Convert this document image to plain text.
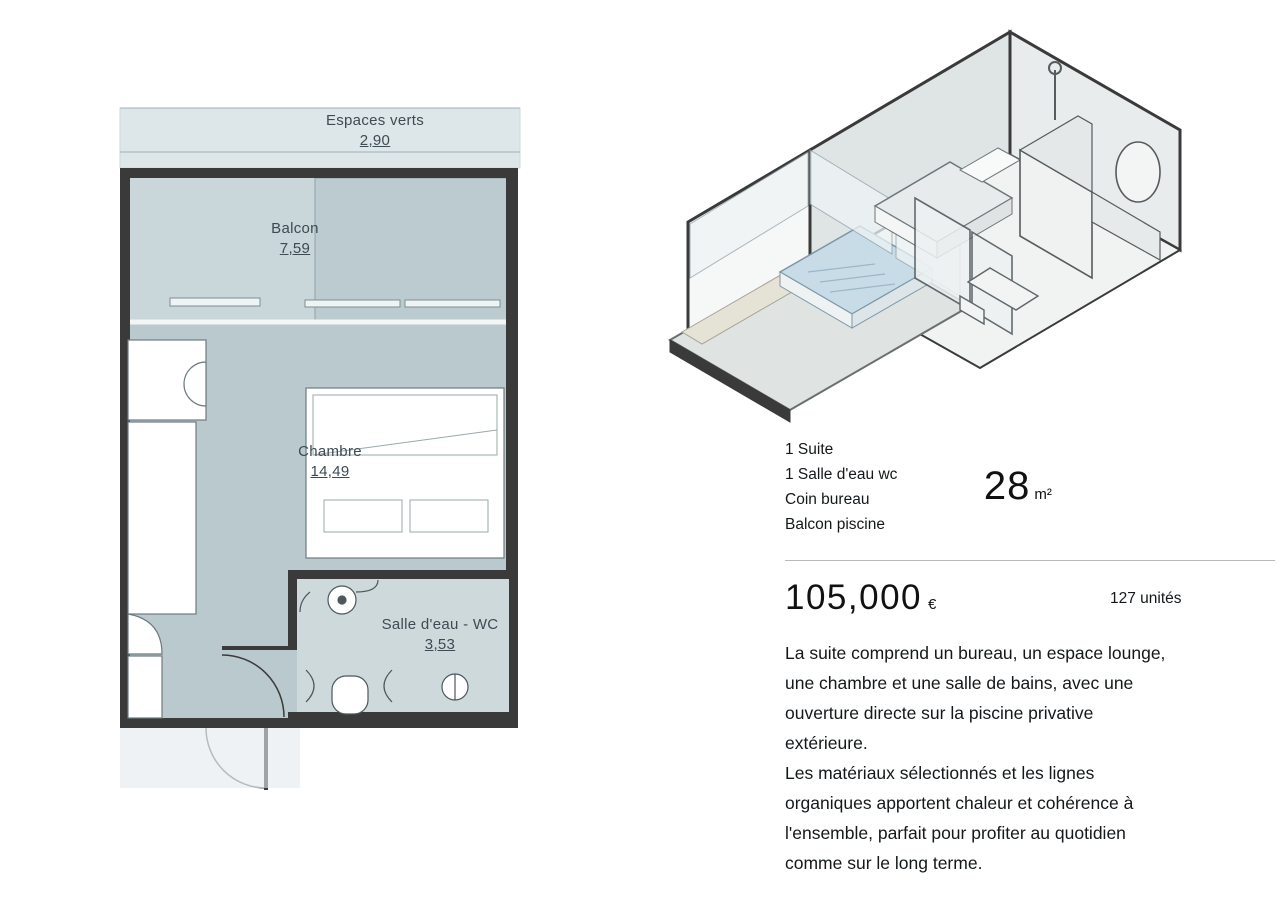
Espaces verts
2,90
Balcon
7,59
Chambre
14,49
Salle d'eau - WC
3,53
1 Suite
1 Salle d'eau wc
Coin bureau
Balcon piscine
28 m²
105,000 €	127 unités

La suite comprend un bureau, un espace lounge,

une chambre et une salle de bains, avec une

ouverture directe sur la piscine privative

extérieure.

Les matériaux sélectionnés et les lignes

organiques apportent chaleur et cohérence à

l'ensemble, parfait pour profiter au quotidien

comme sur le long terme.
